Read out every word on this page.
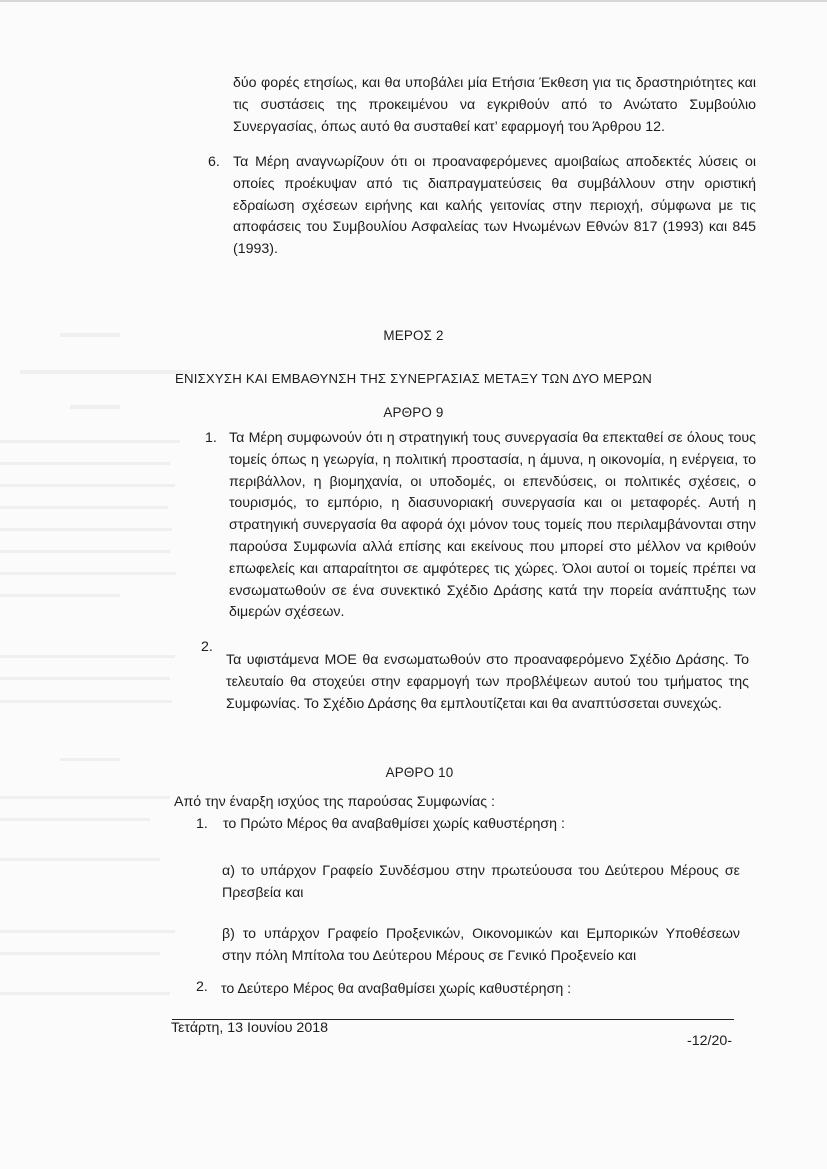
δύο φορές ετησίως, και θα υποβάλει μία Ετήσια Έκθεση για τις δραστηριότητες και τις συστάσεις της προκειμένου να εγκριθούν από το Ανώτατο Συμβούλιο Συνεργασίας, όπως αυτό θα συσταθεί κατ’ εφαρμογή του Άρθρου 12.

6. Τα Μέρη αναγνωρίζουν ότι οι προαναφερόμενες αμοιβαίως αποδεκτές λύσεις οι οποίες προέκυψαν από τις διαπραγματεύσεις θα συμβάλλουν στην οριστική εδραίωση σχέσεων ειρήνης και καλής γειτονίας στην περιοχή, σύμφωνα με τις αποφάσεις του Συμβουλίου Ασφαλείας των Ηνωμένων Εθνών 817 (1993) και 845 (1993).

ΜΕΡΟΣ 2

ΕΝΙΣΧΥΣΗ ΚΑΙ ΕΜΒΑΘΥΝΣΗ ΤΗΣ ΣΥΝΕΡΓΑΣΙΑΣ ΜΕΤΑΞΥ ΤΩΝ ΔΥΟ ΜΕΡΩΝ

ΑΡΘΡΟ 9

1. Τα Μέρη συμφωνούν ότι η στρατηγική τους συνεργασία θα επεκταθεί σε όλους τους τομείς όπως η γεωργία, η πολιτική προστασία, η άμυνα, η οικονομία, η ενέργεια, το περιβάλλον, η βιομηχανία, οι υποδομές, οι επενδύσεις, οι πολιτικές σχέσεις, ο τουρισμός, το εμπόριο, η διασυνοριακή συνεργασία και οι μεταφορές. Αυτή η στρατηγική συνεργασία θα αφορά όχι μόνον τους τομείς που περιλαμβάνονται στην παρούσα Συμφωνία αλλά επίσης και εκείνους που μπορεί στο μέλλον να κριθούν επωφελείς και απαραίτητοι σε αμφότερες τις χώρες. Όλοι αυτοί οι τομείς πρέπει να ενσωματωθούν σε ένα συνεκτικό Σχέδιο Δράσης κατά την πορεία ανάπτυξης των διμερών σχέσεων.

2.

Τα υφιστάμενα ΜΟΕ θα ενσωματωθούν στο προαναφερόμενο Σχέδιο Δράσης. Το τελευταίο θα στοχεύει στην εφαρμογή των προβλέψεων αυτού του τμήματος της Συμφωνίας. Το Σχέδιο Δράσης θα εμπλουτίζεται και θα αναπτύσσεται συνεχώς.

ΑΡΘΡΟ 10

Από την έναρξη ισχύος της παρούσας Συμφωνίας :

1. το Πρώτο Μέρος θα αναβαθμίσει χωρίς καθυστέρηση :

α) το υπάρχον Γραφείο Συνδέσμου στην πρωτεύουσα του Δεύτερου Μέρους σε Πρεσβεία και

β) το υπάρχον Γραφείο Προξενικών, Οικονομικών και Εμπορικών Υποθέσεων στην πόλη Μπίτολα του Δεύτερου Μέρους σε Γενικό Προξενείο και

2. το Δεύτερο Μέρος θα αναβαθμίσει χωρίς καθυστέρηση :

Τετάρτη, 13 Ιουνίου 2018

-12/20-
